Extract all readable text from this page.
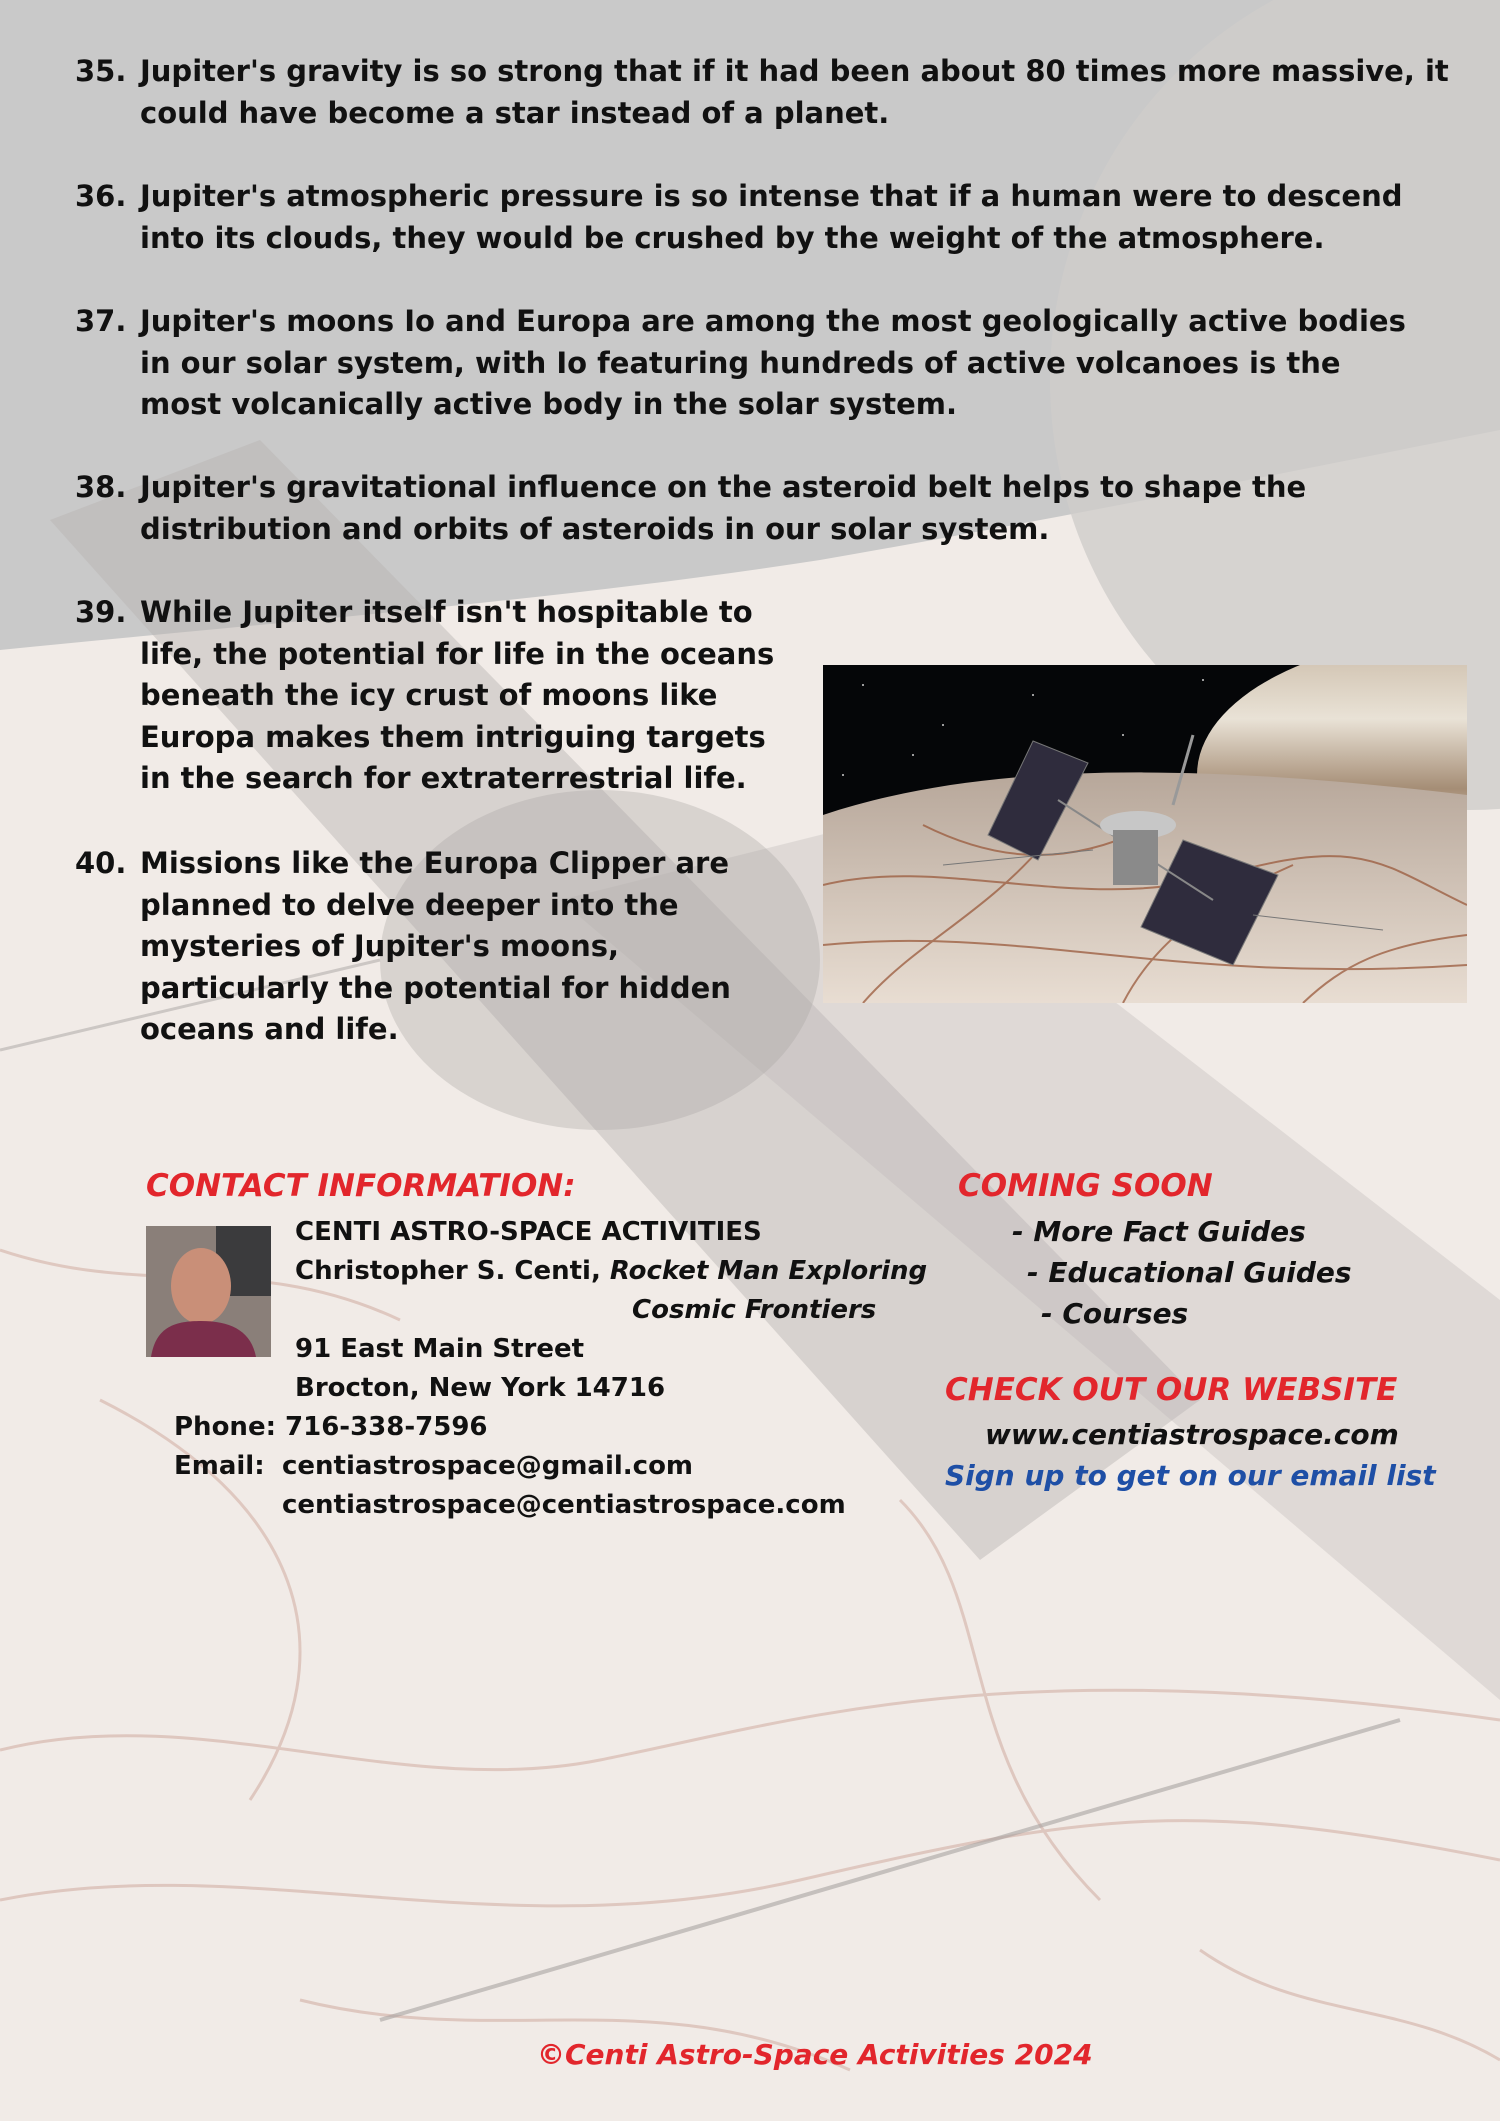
35. Jupiter's gravity is so strong that if it had been about 80 times more massive, it could have become a star instead of a planet.
36. Jupiter's atmospheric pressure is so intense that if a human were to descend into its clouds, they would be crushed by the weight of the atmosphere.
37. Jupiter's moons Io and Europa are among the most geologically active bodies in our solar system, with Io featuring hundreds of active volcanoes is the most volcanically active body in the solar system.
38. Jupiter's gravitational influence on the asteroid belt helps to shape the distribution and orbits of asteroids in our solar system.
39. While Jupiter itself isn't hospitable to life, the potential for life in the oceans beneath the icy crust of moons like Europa makes them intriguing targets in the search for extraterrestrial life.
40. Missions like the Europa Clipper are planned to delve deeper into the mysteries of Jupiter's moons, particularly the potential for hidden oceans and life.
CONTACT INFORMATION:
CENTI ASTRO-SPACE ACTIVITIES
Christopher S. Centi, Rocket Man Exploring
Cosmic Frontiers
91 East Main Street
Brocton, New York 14716
Phone: 716-338-7596
Email: centiastrospace@gmail.com
centiastrospace@centiastrospace.com
COMING SOON
- More Fact Guides
- Educational Guides
- Courses
CHECK OUT OUR WEBSITE
www.centiastrospace.com
Sign up to get on our email list
©Centi Astro-Space Activities 2024
